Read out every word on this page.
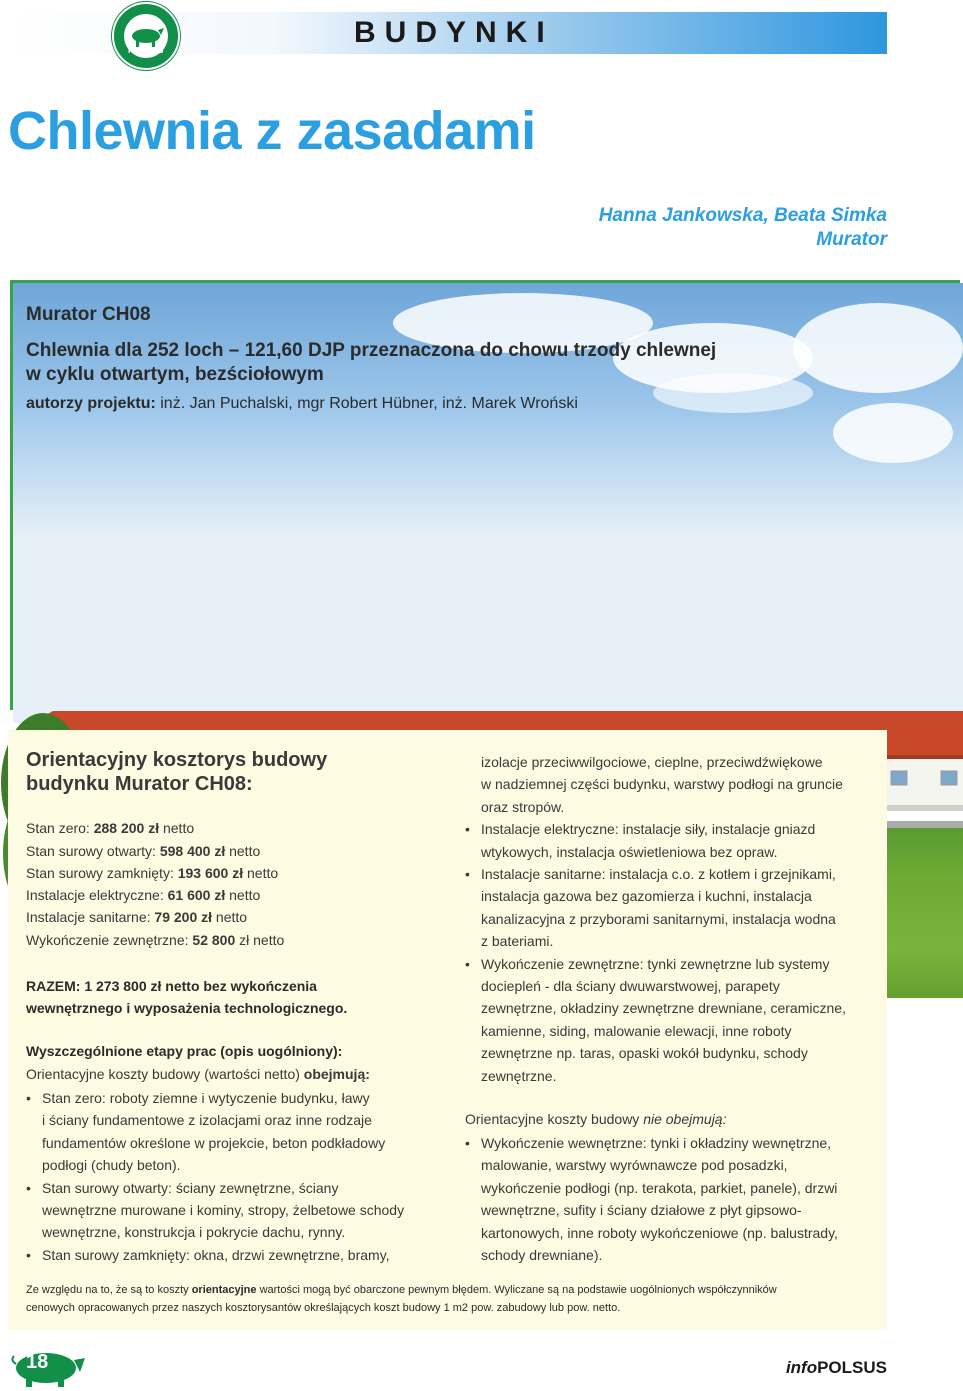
POLSUS
BUDYNKI
Chlewnia z zasadami
Hanna Jankowska, Beata Simka
Murator
Murator CH08
Chlewnia dla 252 loch – 121,60 DJP przeznaczona do chowu trzody chlewnej
w cyklu otwartym, bezściołowym
autorzy projektu: inż. Jan Puchalski, mgr Robert Hübner, inż. Marek Wroński
Orientacyjny kosztorys budowy
budynku Murator CH08:
Stan zero: 288 200 zł netto
Stan surowy otwarty: 598 400 zł netto
Stan surowy zamknięty: 193 600 zł netto
Instalacje elektryczne: 61 600 zł netto
Instalacje sanitarne: 79 200 zł netto
Wykończenie zewnętrzne: 52 800 zł netto
RAZEM: 1 273 800 zł netto bez wykończenia
wewnętrznego i wyposażenia technologicznego.
Wyszczególnione etapy prac (opis uogólniony):
Orientacyjne koszty budowy (wartości netto) obejmują:
• Stan zero: roboty ziemne i wytyczenie budynku, ławy
i ściany fundamentowe z izolacjami oraz inne rodzaje
fundamentów określone w projekcie, beton podkładowy
podłogi (chudy beton).
• Stan surowy otwarty: ściany zewnętrzne, ściany
wewnętrzne murowane i kominy, stropy, żelbetowe schody
wewnętrzne, konstrukcja i pokrycie dachu, rynny.
• Stan surowy zamknięty: okna, drzwi zewnętrzne, bramy,
izolacje przeciwwilgociowe, cieplne, przeciwdźwiękowe
w nadziemnej części budynku, warstwy podłogi na gruncie
oraz stropów.
• Instalacje elektryczne: instalacje siły, instalacje gniazd
wtykowych, instalacja oświetleniowa bez opraw.
• Instalacje sanitarne: instalacja c.o. z kotłem i grzejnikami,
instalacja gazowa bez gazomierza i kuchni, instalacja
kanalizacyjna z przyborami sanitarnymi, instalacja wodna
z bateriami.
• Wykończenie zewnętrzne: tynki zewnętrzne lub systemy
dociepleń - dla ściany dwuwarstwowej, parapety
zewnętrzne, okładziny zewnętrzne drewniane, ceramiczne,
kamienne, siding, malowanie elewacji, inne roboty
zewnętrzne np. taras, opaski wokół budynku, schody
zewnętrzne.
Orientacyjne koszty budowy nie obejmują:
• Wykończenie wewnętrzne: tynki i okładziny wewnętrzne,
malowanie, warstwy wyrównawcze pod posadzki,
wykończenie podłogi (np. terakota, parkiet, panele), drzwi
wewnętrzne, sufity i ściany działowe z płyt gipsowo-
kartonowych, inne roboty wykończeniowe (np. balustrady,
schody drewniane).
Ze względu na to, że są to koszty orientacyjne wartości mogą być obarczone pewnym błędem. Wyliczane są na podstawie uogólnionych współczynników
cenowych opracowanych przez naszych kosztorysantów określających koszt budowy 1 m2 pow. zabudowy lub pow. netto.
18	infoPOLSUS
